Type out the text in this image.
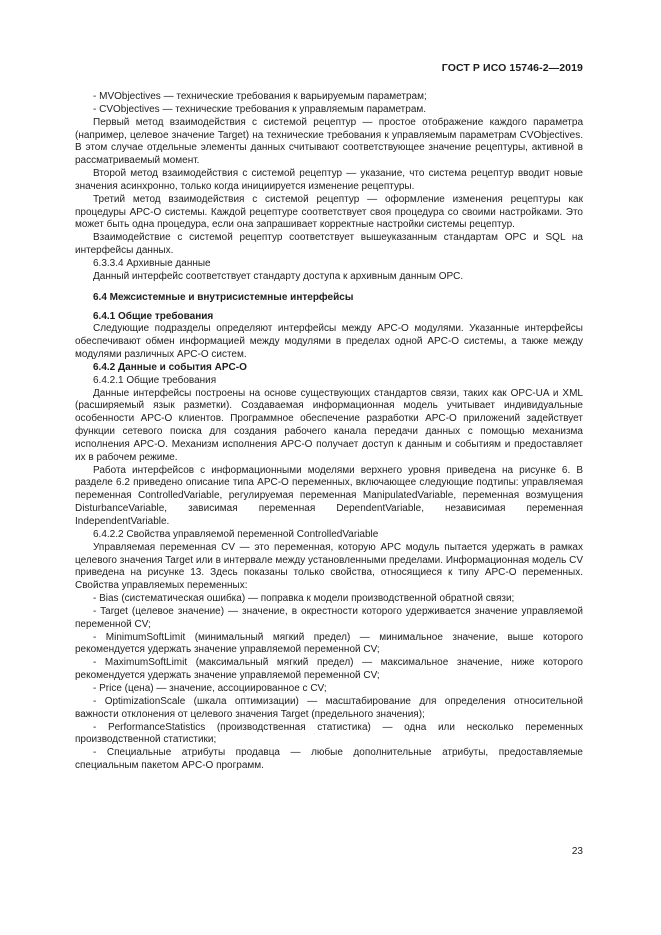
ГОСТ Р ИСО 15746-2—2019

- MVObjectives — технические требования к варьируемым параметрам;

- CVObjectives — технические требования к управляемым параметрам.

Первый метод взаимодействия с системой рецептур — простое отображение каждого параметра (например, целевое значение Target) на технические требования к управляемым параметрам CVObjectives. В этом случае отдельные элементы данных считывают соответствующее значение рецептуры, активной в рассматриваемый момент.

Второй метод взаимодействия с системой рецептур — указание, что система рецептур вводит новые значения асинхронно, только когда инициируется изменение рецептуры.

Третий метод взаимодействия с системой рецептур — оформление изменения рецептуры как процедуры APC-O системы. Каждой рецептуре соответствует своя процедура со своими настройками. Это может быть одна процедура, если она запрашивает корректные настройки системы рецептур.

Взаимодействие с системой рецептур соответствует вышеуказанным стандартам OPC и SQL на интерфейсы данных.

6.3.3.4 Архивные данные

Данный интерфейс соответствует стандарту доступа к архивным данным OPC.

6.4 Межсистемные и внутрисистемные интерфейсы

6.4.1 Общие требования

Следующие подразделы определяют интерфейсы между APC-O модулями. Указанные интерфейсы обеспечивают обмен информацией между модулями в пределах одной APC-O системы, а также между модулями различных APC-O систем.

6.4.2 Данные и события APC-O

6.4.2.1 Общие требования

Данные интерфейсы построены на основе существующих стандартов связи, таких как OPC-UA и XML (расширяемый язык разметки). Создаваемая информационная модель учитывает индивидуальные особенности APC-O клиентов. Программное обеспечение разработки APC-O приложений задействует функции сетевого поиска для создания рабочего канала передачи данных с помощью механизма исполнения APC-O. Механизм исполнения APC-O получает доступ к данным и событиям и предоставляет их в рабочем режиме.

Работа интерфейсов с информационными моделями верхнего уровня приведена на рисунке 6. В разделе 6.2 приведено описание типа APC-O переменных, включающее следующие подтипы: управляемая переменная ControlledVariable, регулируемая переменная ManipulatedVariable, переменная возмущения DisturbanceVariable, зависимая переменная DependentVariable, независимая переменная IndependentVariable.

6.4.2.2 Свойства управляемой переменной ControlledVariable

Управляемая переменная CV — это переменная, которую APC модуль пытается удержать в рамках целевого значения Target или в интервале между установленными пределами. Информационная модель CV приведена на рисунке 13. Здесь показаны только свойства, относящиеся к типу APC-O переменных. Свойства управляемых переменных:

- Bias (систематическая ошибка) — поправка к модели производственной обратной связи;

- Target (целевое значение) — значение, в окрестности которого удерживается значение управляемой переменной CV;

- MinimumSoftLimit (минимальный мягкий предел) — минимальное значение, выше которого рекомендуется удержать значение управляемой переменной CV;

- MaximumSoftLimit (максимальный мягкий предел) — максимальное значение, ниже которого рекомендуется удержать значение управляемой переменной CV;

- Price (цена) — значение, ассоциированное с CV;

- OptimizationScale (шкала оптимизации) — масштабирование для определения относительной важности отклонения от целевого значения Target (предельного значения);

- PerformanceStatistics (производственная статистика) — одна или несколько переменных производственной статистики;

- Специальные атрибуты продавца — любые дополнительные атрибуты, предоставляемые специальным пакетом APC-O программ.

23
